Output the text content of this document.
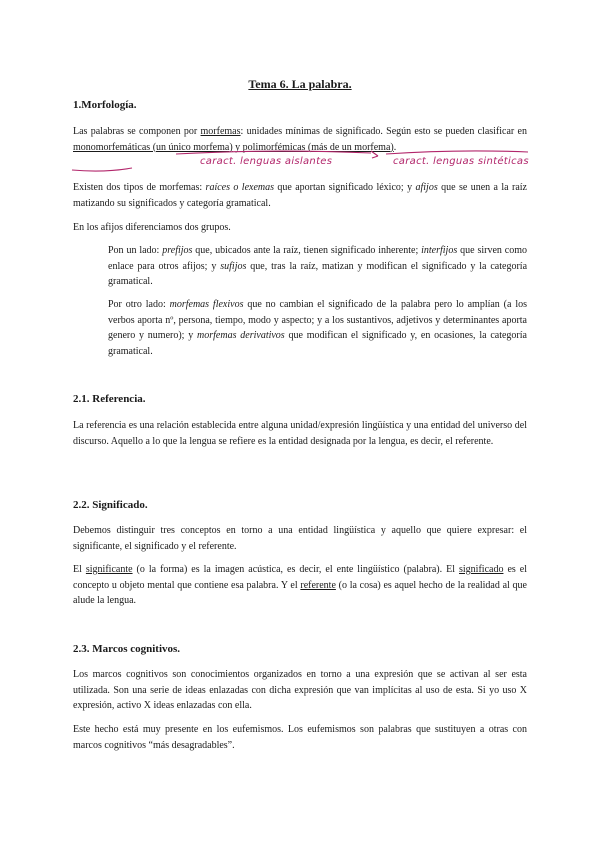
Tema 6. La palabra.

1.Morfología.

Las palabras se componen por morfemas: unidades mínimas de significado. Según esto se pueden clasificar en monomorfemáticas (un único morfema) y polimorfémicas (más de un morfema).

caract. lenguas aislantes	caract. lenguas sintéticas

Existen dos tipos de morfemas: raíces o lexemas que aportan significado léxico; y afijos que se unen a la raíz matizando su significados y categoría gramatical.

En los afijos diferenciamos dos grupos.

Pon un lado: prefijos que, ubicados ante la raíz, tienen significado inherente; interfijos que sirven como enlace para otros afijos; y sufijos que, tras la raíz, matizan y modifican el significado y la categoría gramatical.

Por otro lado: morfemas flexivos que no cambian el significado de la palabra pero lo amplían (a los verbos aporta nº, persona, tiempo, modo y aspecto; y a los sustantivos, adjetivos y determinantes aporta genero y numero); y morfemas derivativos que modifican el significado y, en ocasiones, la categoría gramatical.

2.1. Referencia.

La referencia es una relación establecida entre alguna unidad/expresión lingüística y una entidad del universo del discurso. Aquello a lo que la lengua se refiere es la entidad designada por la lengua, es decir, el referente.

2.2. Significado.

Debemos distinguir tres conceptos en torno a una entidad lingüística y aquello que quiere expresar: el significante, el significado y el referente.

El significante (o la forma) es la imagen acústica, es decir, el ente lingüístico (palabra). El significado es el concepto u objeto mental que contiene esa palabra. Y el referente (o la cosa) es aquel hecho de la realidad al que alude la lengua.

2.3. Marcos cognitivos.

Los marcos cognitivos son conocimientos organizados en torno a una expresión que se activan al ser esta utilizada. Son una serie de ideas enlazadas con dicha expresión que van implícitas al uso de esta. Si yo uso X expresión, activo X ideas enlazadas con ella.

Este hecho está muy presente en los eufemismos. Los eufemismos son palabras que sustituyen a otras con marcos cognitivos “más desagradables”.
